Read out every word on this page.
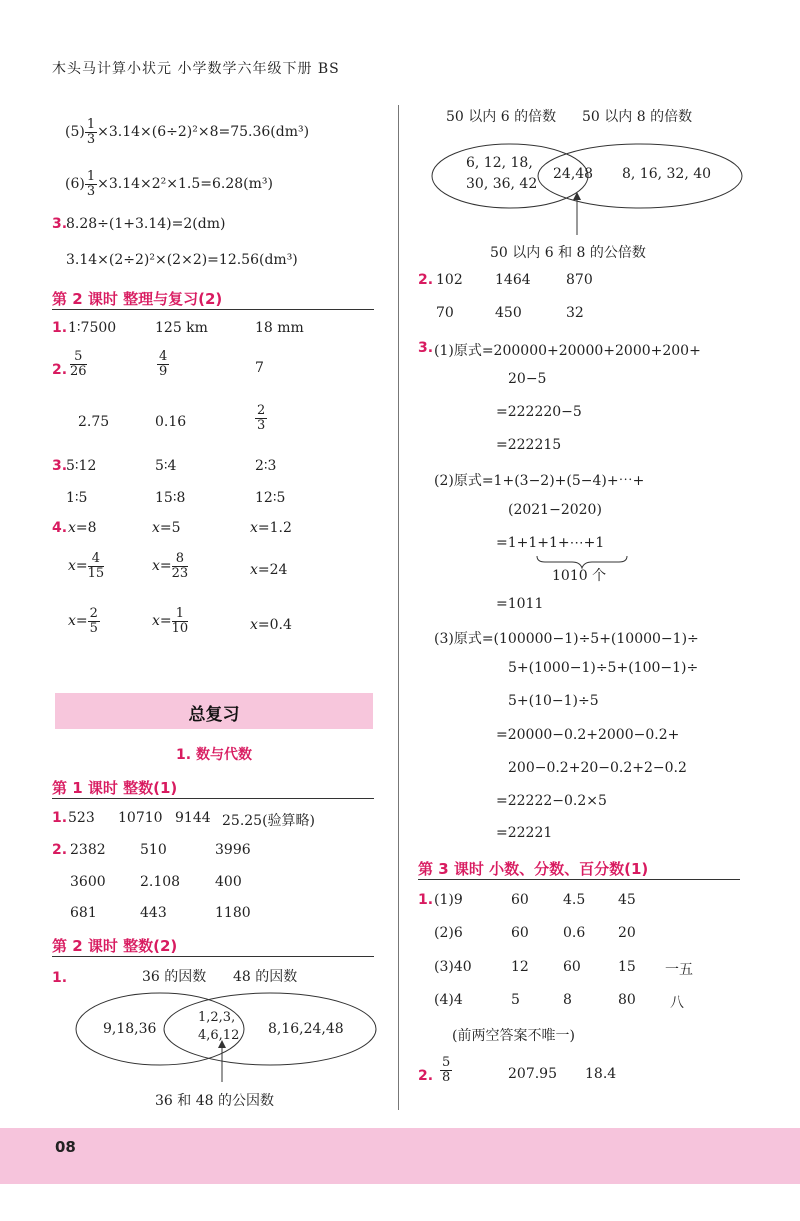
木头马计算小状元 小学数学六年级下册 BS
$(5) \frac{1}{3} \times 3.14\times(6\div 2)^2\times 8=75.36(dm^3)$
$(6) \frac{1}{3} \times 3.14\times 2^2\times 1.5=6.28(m^3)$
3.
8.28÷(1+3.14)=2(dm)
3.14×(2÷2)²×(2×2)=12.56(dm³)
第 2 课时 整理与复习(2)
1. 1∶7500	125 km	18 mm
2. $\frac{5}{26}$	$\frac{4}{9}$	7
2.75	0.16	$\frac{2}{3}$
3.
5∶12	5∶4	2∶3
1∶5	15∶8	12∶5
4. x=8	x=5	x=1.2
$x= \frac{4}{15}$	$x= \frac{8}{23}$	x=24
$x= \frac{2}{5}$	$x= \frac{1}{10}$	x=0.4
总复习
1. 数与代数
第 1 课时 整数(1)
1. 523 10710 9144 25.25(验算略)
2. 2382 510	3996
3600 2.108 400
681	443	1180
第 2 课时 整数(2)
1.	36 的因数 48 的因数
9,18,36
1,2,3,
4,6,12 8,16,24,48
36 和 48 的公因数
50 以内 6 的倍数 50 以内 8 的倍数
6, 12, 18,
30, 36, 42
24,48 8, 16, 32, 40
50 以内 6 和 8 的公倍数
2. 102 1464	870
70	450	32
3. (1)原式=200000+20000+2000+200+
20−5
=222220−5
=222215
(2)原式=1+(3−2)+(5−4)+⋯+
(2021−2020)
=1+1+1+⋯+1
1010 个
=1011
(3)原式=(100000−1)÷5+(10000−1)÷
5+(1000−1)÷5+(100−1)÷
5+(10−1)÷5
=20000−0.2+2000−0.2+
200−0.2+20−0.2+2−0.2
=22222−0.2×5
=22221
第 3 课时 小数、分数、百分数(1)
1. (1)9	60 4.5 45
(2)6	60 0.6 20
(3)40	12 60	15 一五
(4)4	5	8	80 八
(前两空答案不唯一)
2. $\frac{5}{8}$	207.95 18.4
08
